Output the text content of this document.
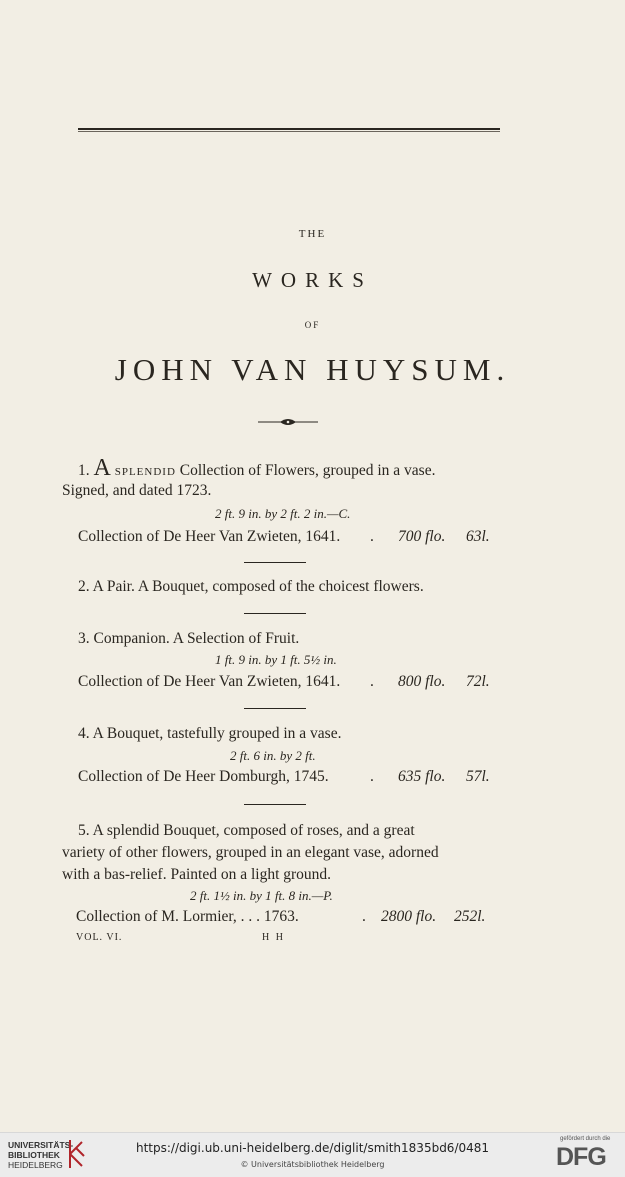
THE
WORKS
OF
JOHN VAN HUYSUM.
1. A SPLENDID Collection of Flowers, grouped in a vase.
Signed, and dated 1723.
2 ft. 9 in. by 2 ft. 2 in.—C.
Collection of De Heer Van Zwieten, 1641. . 700 flo. 63l.
2. A Pair. A Bouquet, composed of the choicest flowers.
3. Companion. A Selection of Fruit.
1 ft. 9 in. by 1 ft. 5½ in.
Collection of De Heer Van Zwieten, 1641. . 800 flo. 72l.
4. A Bouquet, tastefully grouped in a vase.
2 ft. 6 in. by 2 ft.
Collection of De Heer Domburgh, 1745.	. 635 flo. 57l.
5. A splendid Bouquet, composed of roses, and a great
variety of other flowers, grouped in an elegant vase, adorned
with a bas-relief. Painted on a light ground.
2 ft. 1½ in. by 1 ft. 8 in.—P.
Collection of M. Lormier, . . . 1763.	. 2800 flo. 252l.
VOL. VI.	H H
UNIVERSITÄTS-
BIBLIOTHEK
HEIDELBERG
https://digi.ub.uni-heidelberg.de/diglit/smith1835bd6/0481
© Universitätsbibliothek Heidelberg
gefördert durch die
DFG
